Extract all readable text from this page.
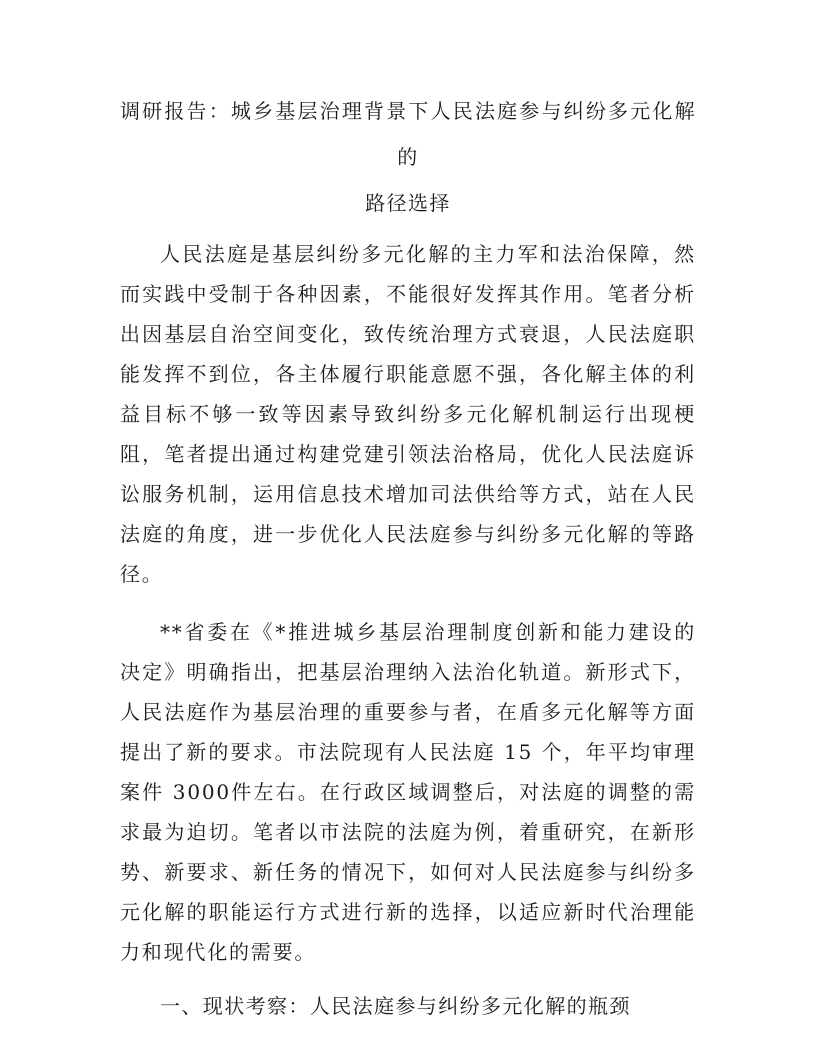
调研报告：城乡基层治理背景下人民法庭参与纠纷多元化解的
路径选择

人民法庭是基层纠纷多元化解的主力军和法治保障，然而实践中受制于各种因素，不能很好发挥其作用。笔者分析出因基层自治空间变化，致传统治理方式衰退，人民法庭职能发挥不到位，各主体履行职能意愿不强，各化解主体的利益目标不够一致等因素导致纠纷多元化解机制运行出现梗阻，笔者提出通过构建党建引领法治格局，优化人民法庭诉讼服务机制，运用信息技术增加司法供给等方式，站在人民法庭的角度，进一步优化人民法庭参与纠纷多元化解的等路径。

**省委在《*推进城乡基层治理制度创新和能力建设的决定》明确指出，把基层治理纳入法治化轨道。新形式下，人民法庭作为基层治理的重要参与者，在盾多元化解等方面提出了新的要求。市法院现有人民法庭 15 个，年平均审理案件 3000件左右。在行政区域调整后，对法庭的调整的需求最为迫切。笔者以市法院的法庭为例，着重研究，在新形势、新要求、新任务的情况下，如何对人民法庭参与纠纷多元化解的职能运行方式进行新的选择，以适应新时代治理能力和现代化的需要。

一、现状考察：人民法庭参与纠纷多元化解的瓶颈
